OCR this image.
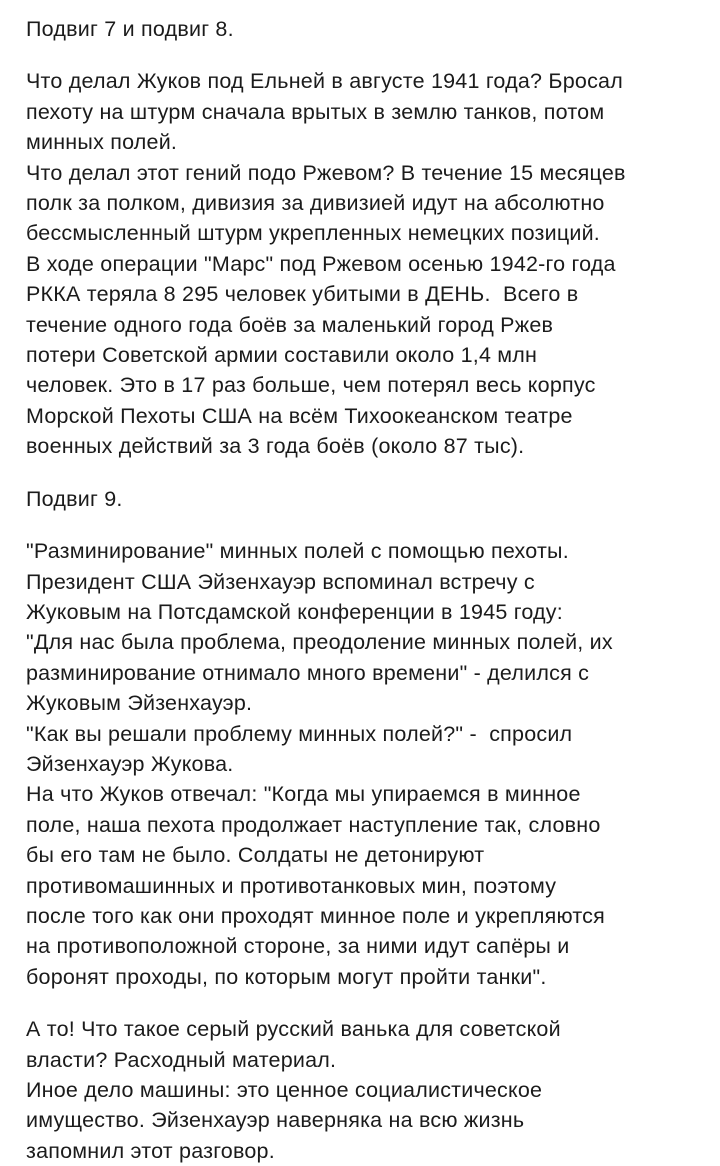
Подвиг 7 и подвиг 8.

Что делал Жуков под Ельней в августе 1941 года? Бросал

пехоту на штурм сначала врытых в землю танков, потом

минных полей.

Что делал этот гений подо Ржевом? В течение 15 месяцев

полк за полком, дивизия за дивизией идут на абсолютно

бессмысленный штурм укрепленных немецких позиций.

В ходе операции "Марс" под Ржевом осенью 1942-го года

РККА теряла 8 295 человек убитыми в ДЕНЬ.  Всего в

течение одного года боёв за маленький город Ржев

потери Советской армии составили около 1,4 млн

человек. Это в 17 раз больше, чем потерял весь корпус

Морской Пехоты США на всём Тихоокеанском театре

военных действий за 3 года боёв (около 87 тыс).

Подвиг 9.

"Разминирование" минных полей с помощью пехоты.

Президент США Эйзенхауэр вспоминал встречу с

Жуковым на Потсдамской конференции в 1945 году:

"Для нас была проблема, преодоление минных полей, их

разминирование отнимало много времени" - делился с

Жуковым Эйзенхауэр.

"Как вы решали проблему минных полей?" -  спросил

Эйзенхауэр Жукова.

На что Жуков отвечал: "Когда мы упираемся в минное

поле, наша пехота продолжает наступление так, словно

бы его там не было. Солдаты не детонируют

противомашинных и противотанковых мин, поэтому

после того как они проходят минное поле и укрепляются

на противоположной стороне, за ними идут сапёры и

боронят проходы, по которым могут пройти танки".

А то! Что такое серый русский ванька для советской

власти? Расходный материал.

Иное дело машины: это ценное социалистическое

имущество. Эйзенхауэр наверняка на всю жизнь

запомнил этот разговор.
